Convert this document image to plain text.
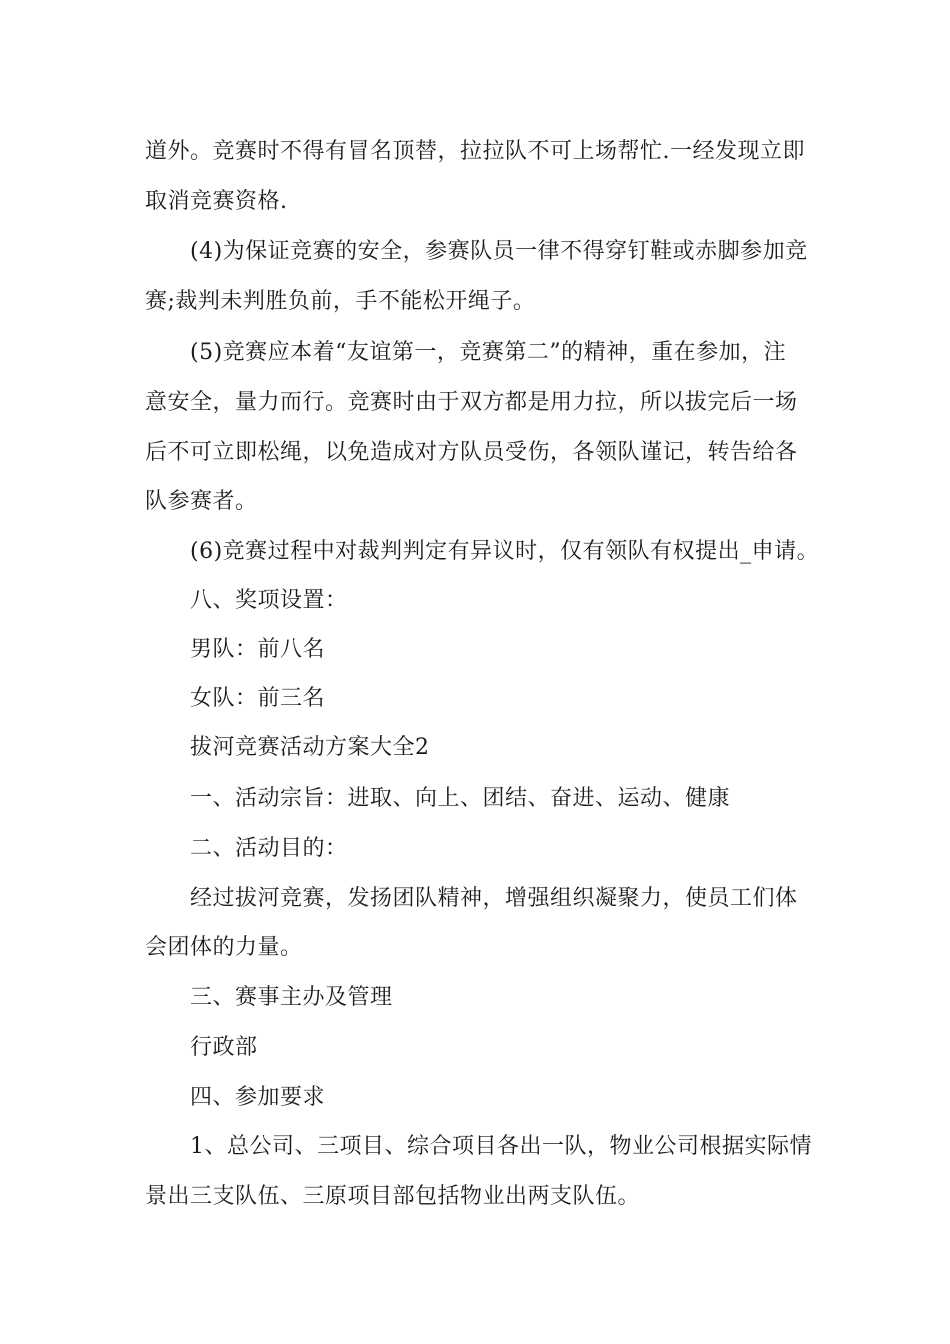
道外。竞赛时不得有冒名顶替，拉拉队不可上场帮忙.一经发现立即
取消竞赛资格.
(4)为保证竞赛的安全，参赛队员一律不得穿钉鞋或赤脚参加竞
赛;裁判未判胜负前，手不能松开绳子。
(5)竞赛应本着“友谊第一，竞赛第二”的精神，重在参加，注
意安全，量力而行。竞赛时由于双方都是用力拉，所以拔完后一场
后不可立即松绳，以免造成对方队员受伤，各领队谨记，转告给各
队参赛者。
(6)竞赛过程中对裁判判定有异议时，仅有领队有权提出_申请。
八、奖项设置：
男队：前八名
女队：前三名
拔河竞赛活动方案大全2
一、活动宗旨：进取、向上、团结、奋进、运动、健康
二、活动目的：
经过拔河竞赛，发扬团队精神，增强组织凝聚力，使员工们体
会团体的力量。
三、赛事主办及管理
行政部
四、参加要求
1、总公司、三项目、综合项目各出一队，物业公司根据实际情
景出三支队伍、三原项目部包括物业出两支队伍。
